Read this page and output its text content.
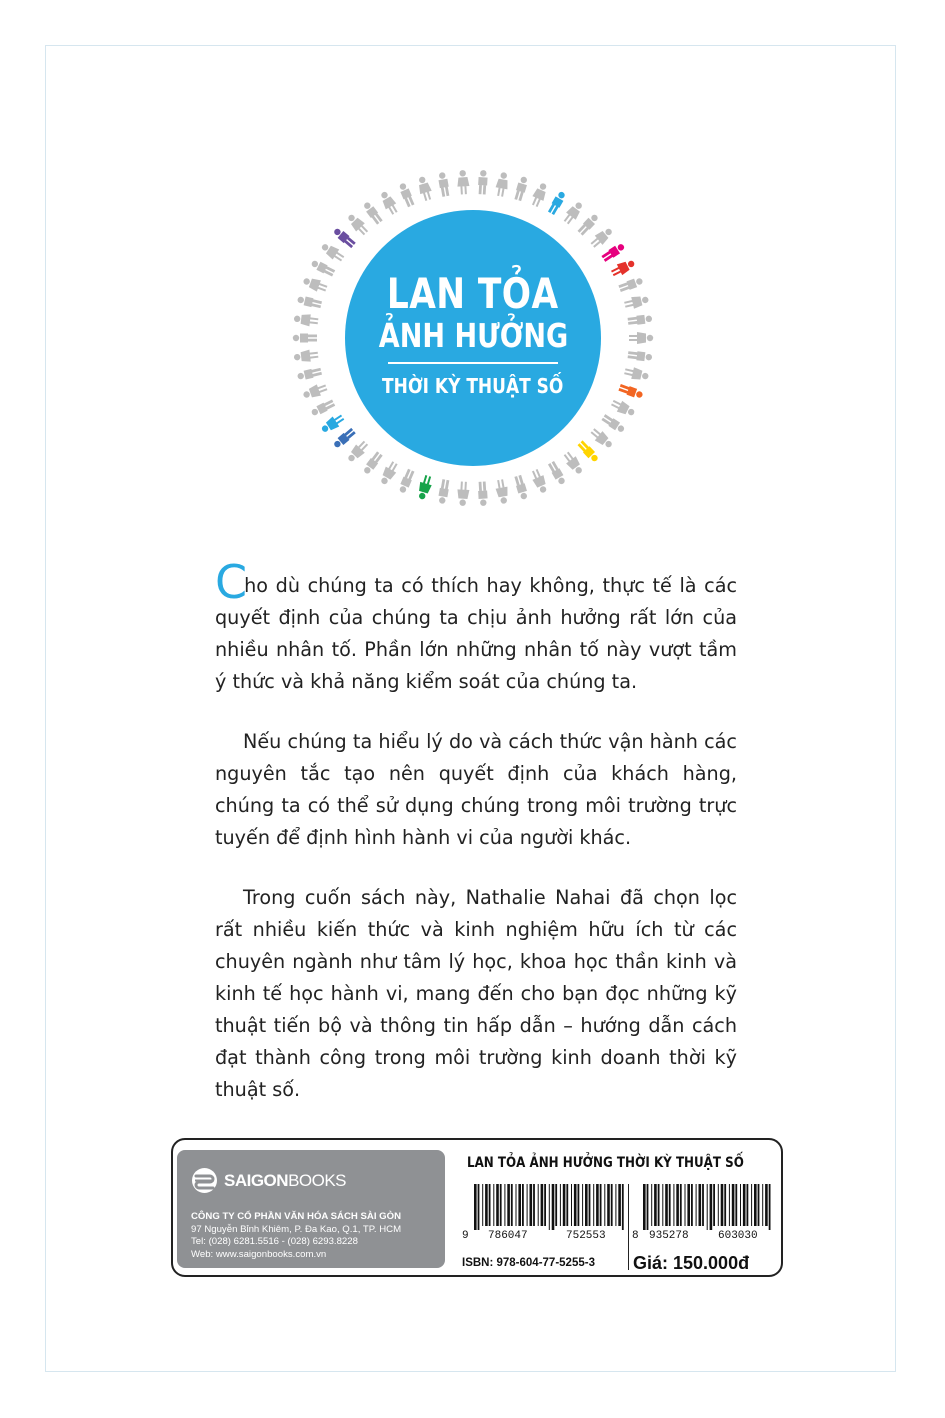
LAN TỎA
ẢNH HƯỞNG
THỜI KỲ THUẬT SỐ

Cho dù chúng ta có thích hay không, thực tế là các quyết định của chúng ta chịu ảnh hưởng rất lớn của nhiều nhân tố. Phần lớn những nhân tố này vượt tầm ý thức và khả năng kiểm soát của chúng ta.

Nếu chúng ta hiểu lý do và cách thức vận hành các nguyên tắc tạo nên quyết định của khách hàng, chúng ta có thể sử dụng chúng trong môi trường trực tuyến để định hình hành vi của người khác.

Trong cuốn sách này, Nathalie Nahai đã chọn lọc rất nhiều kiến thức và kinh nghiệm hữu ích từ các chuyên ngành như tâm lý học, khoa học thần kinh và kinh tế học hành vi, mang đến cho bạn đọc những kỹ thuật tiến bộ và thông tin hấp dẫn – hướng dẫn cách đạt thành công trong môi trường kinh doanh thời kỹ thuật số.

SAIGONBOOKS
CÔNG TY CỔ PHẦN VĂN HÓA SÁCH SÀI GÒN
97 Nguyễn Bỉnh Khiêm, P. Đa Kao, Q.1, TP. HCM
Tel: (028) 6281.5516 - (028) 6293.8228
Web: www.saigonbooks.com.vn
LAN TỎA ẢNH HƯỞNG THỜI KỲ THUẬT SỐ
9 786047	752553 8 935278	603030
ISBN: 978-604-77-5255-3 Giá: 150.000đ
